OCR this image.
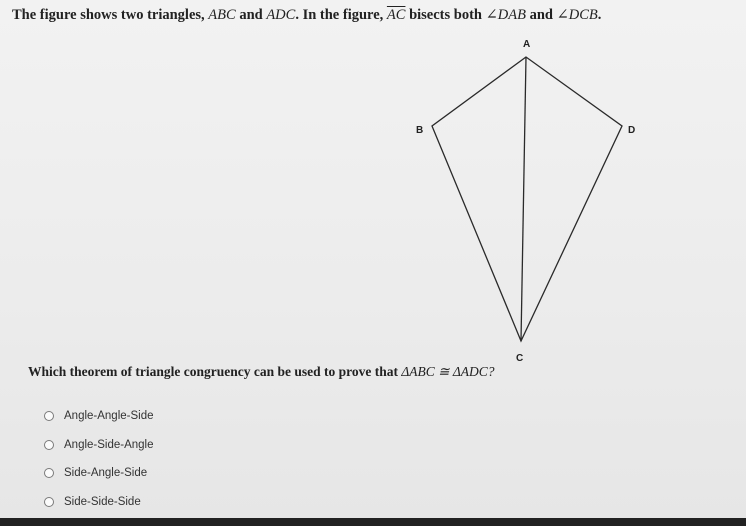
The figure shows two triangles, ABC and ADC. In the figure, $\overline{AC}$ bisects both ∠DAB and ∠DCB.
A
B
C
D
Which theorem of triangle congruency can be used to prove that ΔABC ≅ ΔADC?
Angle-Angle-Side
Angle-Side-Angle
Side-Angle-Side
Side-Side-Side
